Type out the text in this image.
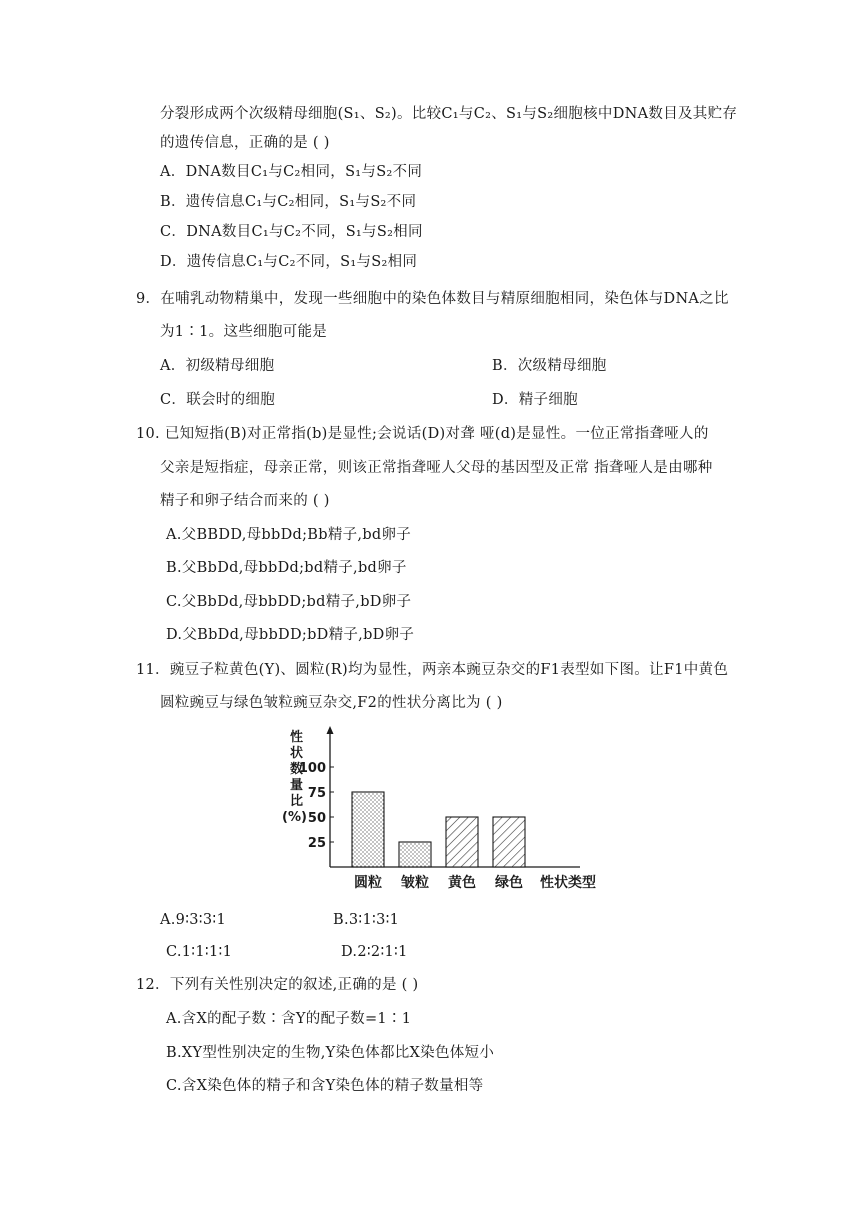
分裂形成两个次级精母细胞(S₁、S₂)。比较C₁与C₂、S₁与S₂细胞核中DNA数目及其贮存
的遗传信息，正确的是 ( )
A．DNA数目C₁与C₂相同，S₁与S₂不同
B．遗传信息C₁与C₂相同，S₁与S₂不同
C．DNA数目C₁与C₂不同，S₁与S₂相同
D．遗传信息C₁与C₂不同，S₁与S₂相同
9．在哺乳动物精巢中，发现一些细胞中的染色体数目与精原细胞相同，染色体与DNA之比
为1∶1。这些细胞可能是
A．初级精母细胞	B．次级精母细胞
C．联会时的细胞	D．精子细胞
10. 已知短指(B)对正常指(b)是显性;会说话(D)对聋 哑(d)是显性。一位正常指聋哑人的
父亲是短指症，母亲正常，则该正常指聋哑人父母的基因型及正常 指聋哑人是由哪种
精子和卵子结合而来的 ( )
A.父BBDD,母bbDd;Bb精子,bd卵子
B.父BbDd,母bbDd;bd精子,bd卵子
C.父BbDd,母bbDD;bd精子,bD卵子
D.父BbDd,母bbDD;bD精子,bD卵子
11．豌豆子粒黄色(Y)、圆粒(R)均为显性，两亲本豌豆杂交的F1表型如下图。让F1中黄色
圆粒豌豆与绿色皱粒豌豆杂交,F2的性状分离比为 ( )
性
状
数
量
比
(%)
25
50
75
100
圆粒 皱粒 黄色 绿色 性状类型
A.9∶3∶3∶1	B.3∶1∶3∶1
C.1∶1∶1∶1	D.2∶2∶1∶1
12．下列有关性别决定的叙述,正确的是 ( )
A.含X的配子数∶含Y的配子数=1∶1
B.XY型性别决定的生物,Y染色体都比X染色体短小
C.含X染色体的精子和含Y染色体的精子数量相等
